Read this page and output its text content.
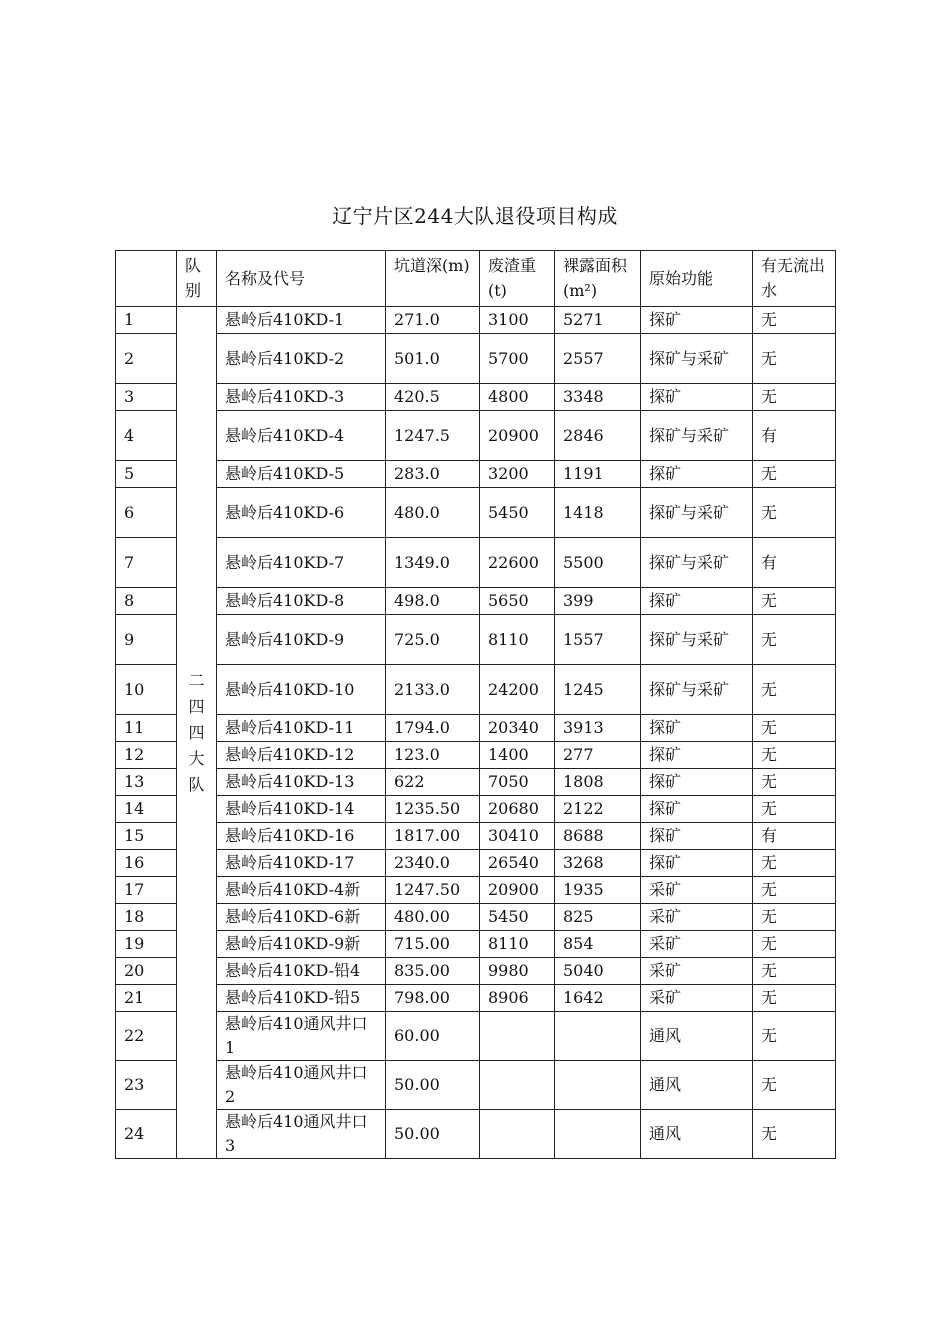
辽宁片区244大队退役项目构成
	队别	名称及代号	坑道深(m)	废渣重(t)	裸露面积(m²)	原始功能	有无流出水
1	二四四大队	悬岭后410KD-1	271.0	3100	5271	探矿	无
2		悬岭后410KD-2	501.0	5700	2557	探矿与采矿	无
3		悬岭后410KD-3	420.5	4800	3348	探矿	无
4		悬岭后410KD-4	1247.5	20900	2846	探矿与采矿	有
5		悬岭后410KD-5	283.0	3200	1191	探矿	无
6		悬岭后410KD-6	480.0	5450	1418	探矿与采矿	无
7		悬岭后410KD-7	1349.0	22600	5500	探矿与采矿	有
8		悬岭后410KD-8	498.0	5650	399	探矿	无
9		悬岭后410KD-9	725.0	8110	1557	探矿与采矿	无
10		悬岭后410KD-10	2133.0	24200	1245	探矿与采矿	无
11		悬岭后410KD-11	1794.0	20340	3913	探矿	无
12		悬岭后410KD-12	123.0	1400	277	探矿	无
13		悬岭后410KD-13	622	7050	1808	探矿	无
14		悬岭后410KD-14	1235.50	20680	2122	探矿	无
15		悬岭后410KD-16	1817.00	30410	8688	探矿	有
16		悬岭后410KD-17	2340.0	26540	3268	探矿	无
17		悬岭后410KD-4新	1247.50	20900	1935	采矿	无
18		悬岭后410KD-6新	480.00	5450	825	采矿	无
19		悬岭后410KD-9新	715.00	8110	854	采矿	无
20		悬岭后410KD-铅4	835.00	9980	5040	采矿	无
21		悬岭后410KD-铅5	798.00	8906	1642	采矿	无
22		悬岭后410通风井口1	60.00			通风	无
23		悬岭后410通风井口2	50.00			通风	无
24		悬岭后410通风井口3	50.00			通风	无
